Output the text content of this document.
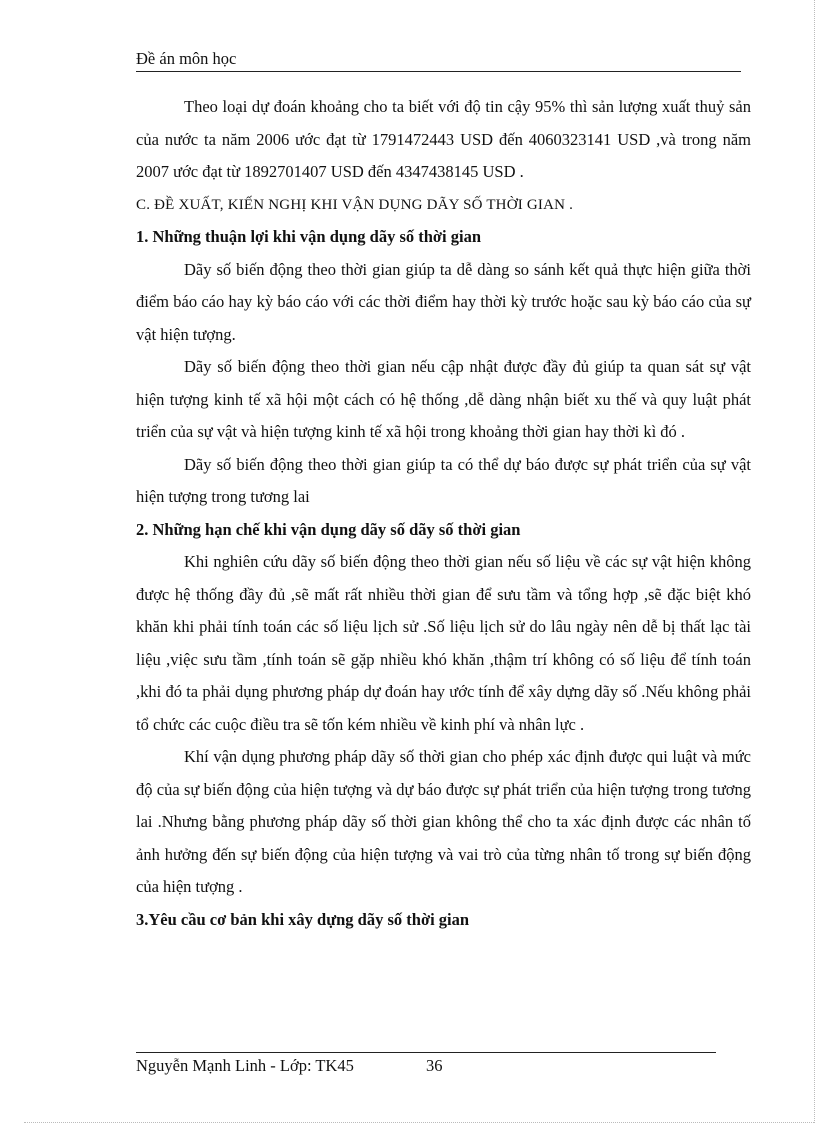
Đề án môn học

Theo loại dự đoán khoảng cho ta biết với độ tin cậy 95% thì sản lượng xuất thuỷ sản của nước ta năm 2006 ước đạt từ 1791472443 USD đến 4060323141 USD ,và trong năm 2007 ước đạt từ 1892701407 USD đến 4347438145 USD .

C. ĐỀ XUẤT, KIẾN NGHỊ KHI VẬN DỤNG DÃY SỐ THỜI GIAN .
1. Những thuận lợi khi vận dụng dãy số thời gian

Dãy số biến động theo thời gian giúp ta dễ dàng so sánh kết quả thực hiện giữa thời điểm báo cáo hay kỳ báo cáo với các thời điểm hay thời kỳ trước hoặc sau kỳ báo cáo của sự vật hiện tượng.

Dãy số biến động theo thời gian nếu cập nhật được đầy đủ giúp ta quan sát sự vật hiện tượng kinh tế xã hội một cách có hệ thống ,dễ dàng nhận biết xu thế và quy luật phát triển của sự vật và hiện tượng kinh tế xã hội trong khoảng thời gian hay thời kì đó .

Dãy số biến động theo thời gian giúp ta có thể dự báo được sự phát triển của sự vật hiện tượng trong tương lai

2. Những hạn chế khi vận dụng dãy số dãy số thời gian

Khi nghiên cứu dãy số biến động theo thời gian nếu số liệu về các sự vật hiện không được hệ thống đầy đủ ,sẽ mất rất nhiều thời gian để sưu tầm và tổng hợp ,sẽ đặc biệt khó khăn khi phải tính toán các số liệu lịch sử .Số liệu lịch sử do lâu ngày nên dễ bị thất lạc tài liệu ,việc sưu tầm ,tính toán sẽ gặp nhiều khó khăn ,thậm trí không có số liệu để tính toán ,khi đó ta phải dụng phương pháp dự đoán hay ước tính để xây dựng dãy số .Nếu không phải tổ chức các cuộc điều tra sẽ tốn kém nhiều về kinh phí và nhân lực .

Khí vận dụng phương pháp dãy số thời gian cho phép xác định được qui luật và mức độ của sự biến động của hiện tượng và dự báo được sự phát triển của hiện tượng trong tương lai .Nhưng bằng phương pháp dãy số thời gian không thể cho ta xác định được các nhân tố ảnh hưởng đến sự biến động của hiện tượng và vai trò của từng nhân tố trong sự biến động của hiện tượng .

3.Yêu cầu cơ bản khi xây dựng dãy số thời gian
Nguyễn Mạnh Linh - Lớp: TK45	36
